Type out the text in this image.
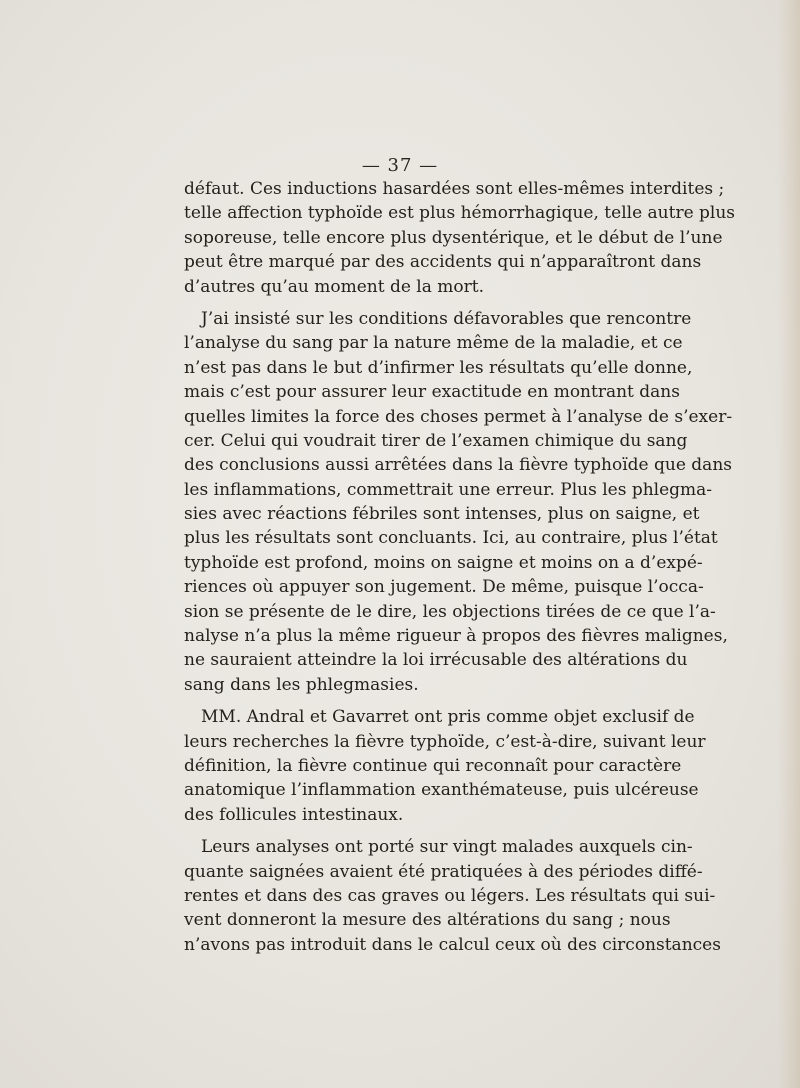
— 37 —
défaut. Ces inductions hasardées sont elles-mêmes interdites ;
telle affection typhoïde est plus hémorrhagique, telle autre plus
soporeuse, telle encore plus dysentérique, et le début de l’une
peut être marqué par des accidents qui n’apparaîtront dans
d’autres qu’au moment de la mort.
J’ai insisté sur les conditions défavorables que rencontre
l’analyse du sang par la nature même de la maladie, et ce
n’est pas dans le but d’infirmer les résultats qu’elle donne,
mais c’est pour assurer leur exactitude en montrant dans
quelles limites la force des choses permet à l’analyse de s’exer-
cer. Celui qui voudrait tirer de l’examen chimique du sang
des conclusions aussi arrêtées dans la fièvre typhoïde que dans
les inflammations, commettrait une erreur. Plus les phlegma-
sies avec réactions fébriles sont intenses, plus on saigne, et
plus les résultats sont concluants. Ici, au contraire, plus l’état
typhoïde est profond, moins on saigne et moins on a d’expé-
riences où appuyer son jugement. De même, puisque l’occa-
sion se présente de le dire, les objections tirées de ce que l’a-
nalyse n’a plus la même rigueur à propos des fièvres malignes,
ne sauraient atteindre la loi irrécusable des altérations du
sang dans les phlegmasies.
MM. Andral et Gavarret ont pris comme objet exclusif de
leurs recherches la fièvre typhoïde, c’est-à-dire, suivant leur
définition, la fièvre continue qui reconnaît pour caractère
anatomique l’inflammation exanthémateuse, puis ulcéreuse
des follicules intestinaux.
Leurs analyses ont porté sur vingt malades auxquels cin-
quante saignées avaient été pratiquées à des périodes diffé-
rentes et dans des cas graves ou légers. Les résultats qui sui-
vent donneront la mesure des altérations du sang ; nous
n’avons pas introduit dans le calcul ceux où des circonstances
